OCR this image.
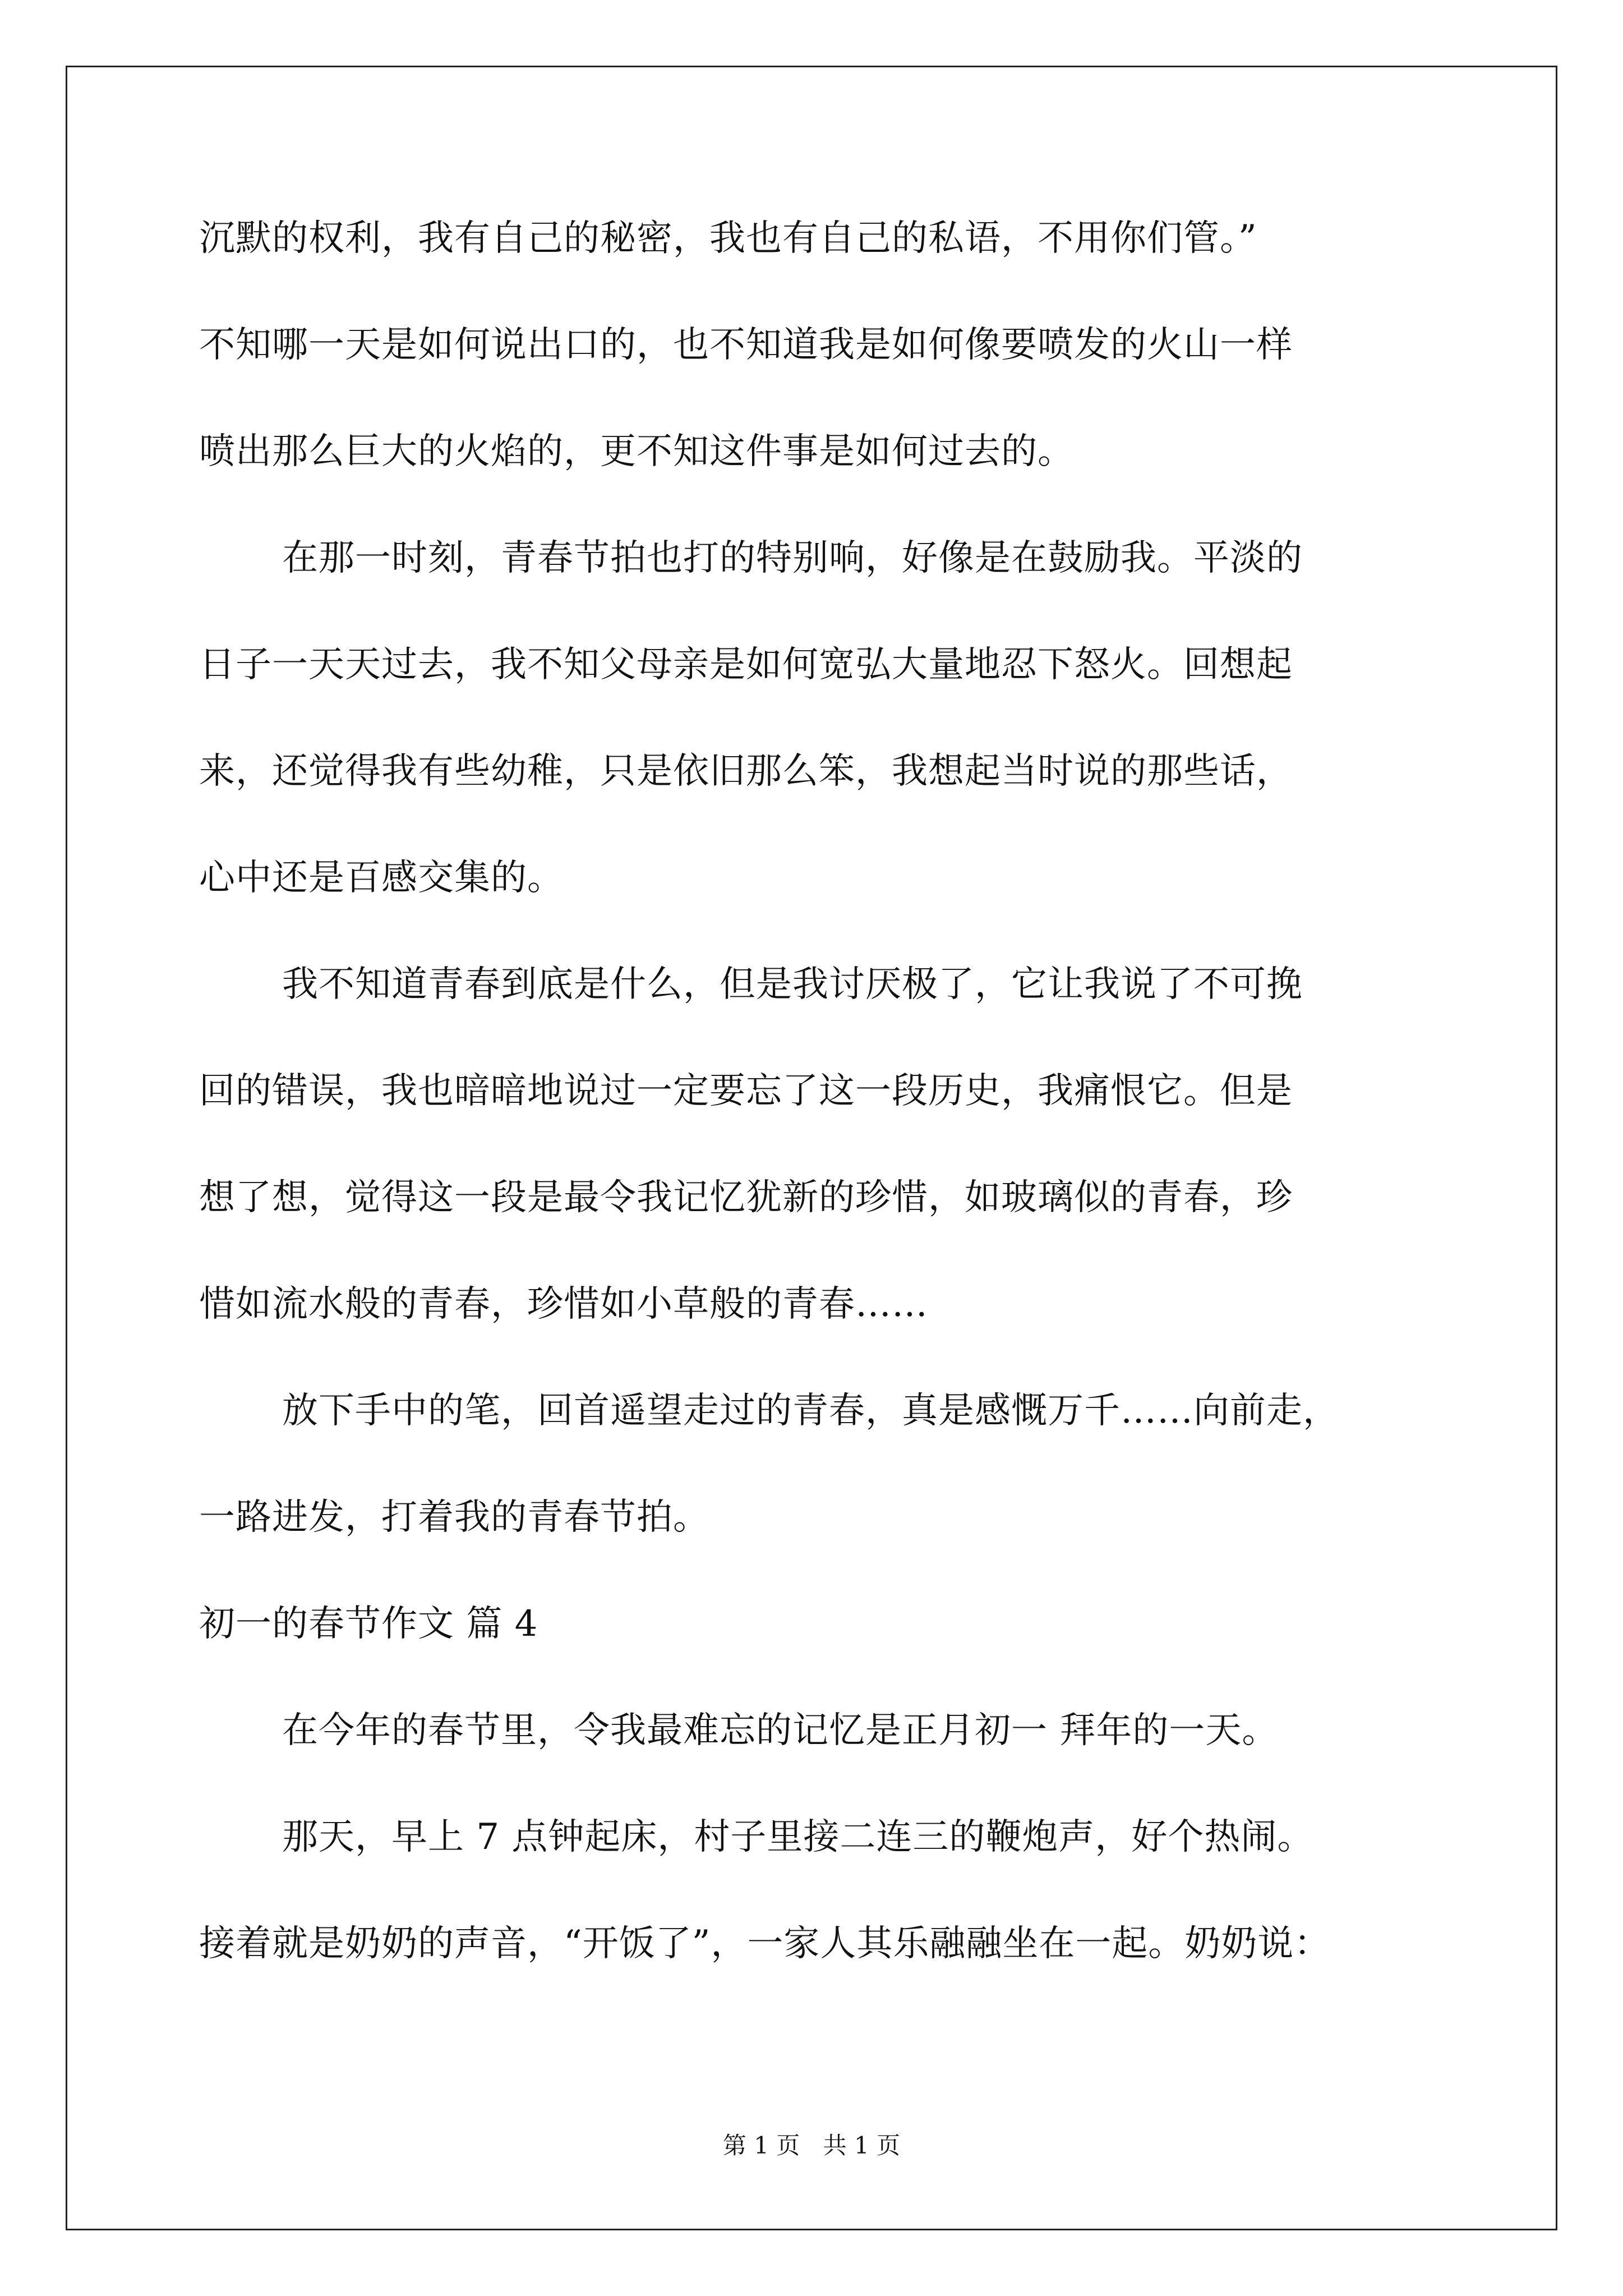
沉默的权利，我有自己的秘密，我也有自己的私语，不用你们管。”
不知哪一天是如何说出口的，也不知道我是如何像要喷发的火山一样
喷出那么巨大的火焰的，更不知这件事是如何过去的。
在那一时刻，青春节拍也打的特别响，好像是在鼓励我。平淡的
日子一天天过去，我不知父母亲是如何宽弘大量地忍下怒火。回想起
来，还觉得我有些幼稚，只是依旧那么笨，我想起当时说的那些话，
心中还是百感交集的。
我不知道青春到底是什么，但是我讨厌极了，它让我说了不可挽
回的错误，我也暗暗地说过一定要忘了这一段历史，我痛恨它。但是
想了想，觉得这一段是最令我记忆犹新的珍惜，如玻璃似的青春，珍
惜如流水般的青春，珍惜如小草般的青春……
放下手中的笔，回首遥望走过的青春，真是感慨万千……向前走，
一路进发，打着我的青春节拍。
初一的春节作文 篇 4
在今年的春节里，令我最难忘的记忆是正月初一 拜年的一天。
那天，早上 7 点钟起床，村子里接二连三的鞭炮声，好个热闹。
接着就是奶奶的声音，“开饭了”，一家人其乐融融坐在一起。奶奶说：
第 1 页 共 1 页
